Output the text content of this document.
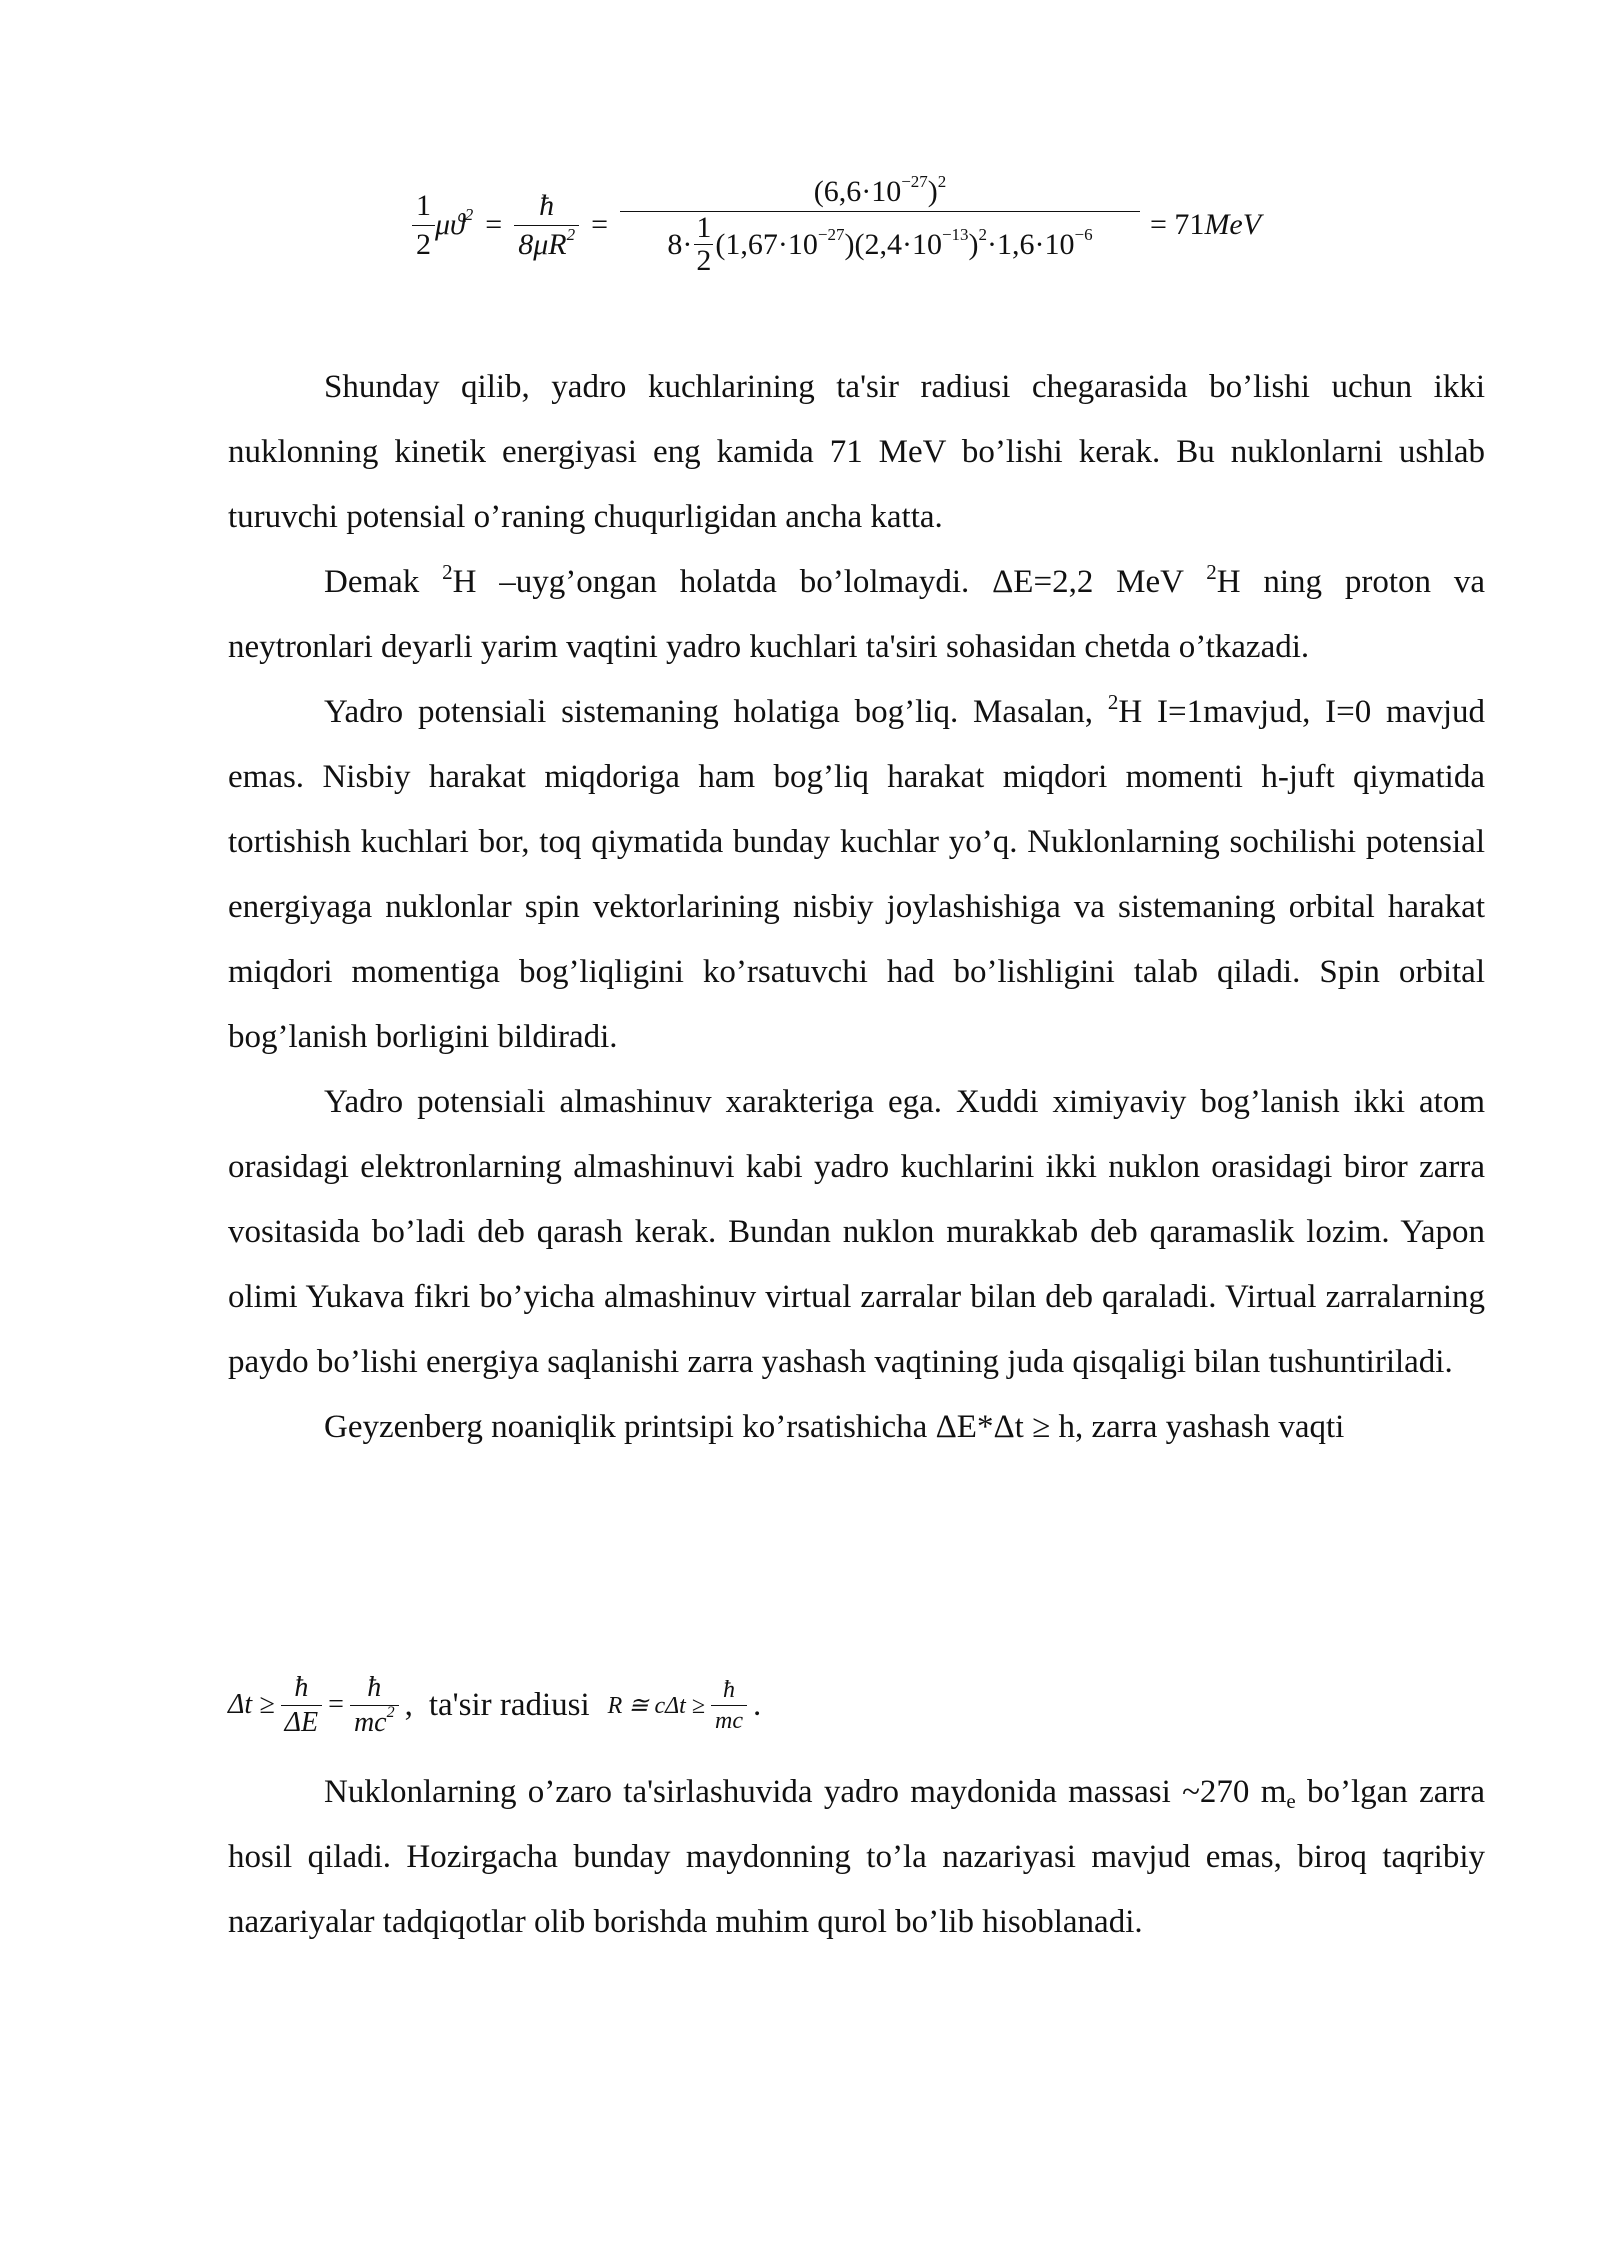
$\frac{1}{2} \mu ϑ^2 = \frac{ħ}{8\mu R^2}$ =
$(6,6\cdot 10^{-27})^2$
$8\cdot \frac{1}{2} (1,67\cdot 10^{-27})(2,4\cdot 10^{-13})^2\cdot 1,6\cdot 10^{-6} = 71MeV$

Shunday qilib, yadro kuchlarining ta'sir radiusi chegarasida bo’lishi uchun ikki nuklonning kinetik energiyasi eng kamida 71 MeV bo’lishi kerak. Bu nuklonlarni ushlab turuvchi potensial o’raning chuqurligidan ancha katta.

Demak $^2$H –uyg’ongan holatda bo’lolmaydi. ΔE=2,2 MeV $^2$H ning proton va neytronlari deyarli yarim vaqtini yadro kuchlari ta'siri sohasidan chetda o’tkazadi.

Yadro potensiali sistemaning holatiga bog’liq. Masalan, $^2$H I=1mavjud, I=0 mavjud emas. Nisbiy harakat miqdoriga ham bog’liq harakat miqdori momenti h-juft qiymatida tortishish kuchlari bor, toq qiymatida bunday kuchlar yo’q. Nuklonlarning sochilishi potensial energiyaga nuklonlar spin vektorlarining nisbiy joylashishiga va sistemaning orbital harakat miqdori momentiga bog’liqligini ko’rsatuvchi had bo’lishligini talab qiladi. Spin orbital bog’lanish borligini bildiradi.

Yadro potensiali almashinuv xarakteriga ega. Xuddi ximiyaviy bog’lanish ikki atom orasidagi elektronlarning almashinuvi kabi yadro kuchlarini ikki nuklon orasidagi biror zarra vositasida bo’ladi deb qarash kerak. Bundan nuklon murakkab deb qaramaslik lozim. Yapon olimi Yukava fikri bo’yicha almashinuv virtual zarralar bilan deb qaraladi. Virtual zarralarning paydo bo’lishi energiya saqlanishi zarra yashash vaqtining juda qisqaligi bilan tushuntiriladi.

Geyzenberg noaniqlik printsipi ko’rsatishicha ΔE*Δt ≥ h, zarra yashash vaqti

$\Delta t \ge \frac{ħ}{\Delta E} = \frac{ħ}{mc^2}$ , ta'sir radiusi R ≅ $c\Delta t \ge \frac{ħ}{mc}$ .

Nuklonlarning o’zaro ta'sirlashuvida yadro maydonida massasi ~270 $m_e$ bo’lgan zarra hosil qiladi. Hozirgacha bunday maydonning to’la nazariyasi mavjud emas, biroq taqribiy nazariyalar tadqiqotlar olib borishda muhim qurol bo’lib hisoblanadi.
